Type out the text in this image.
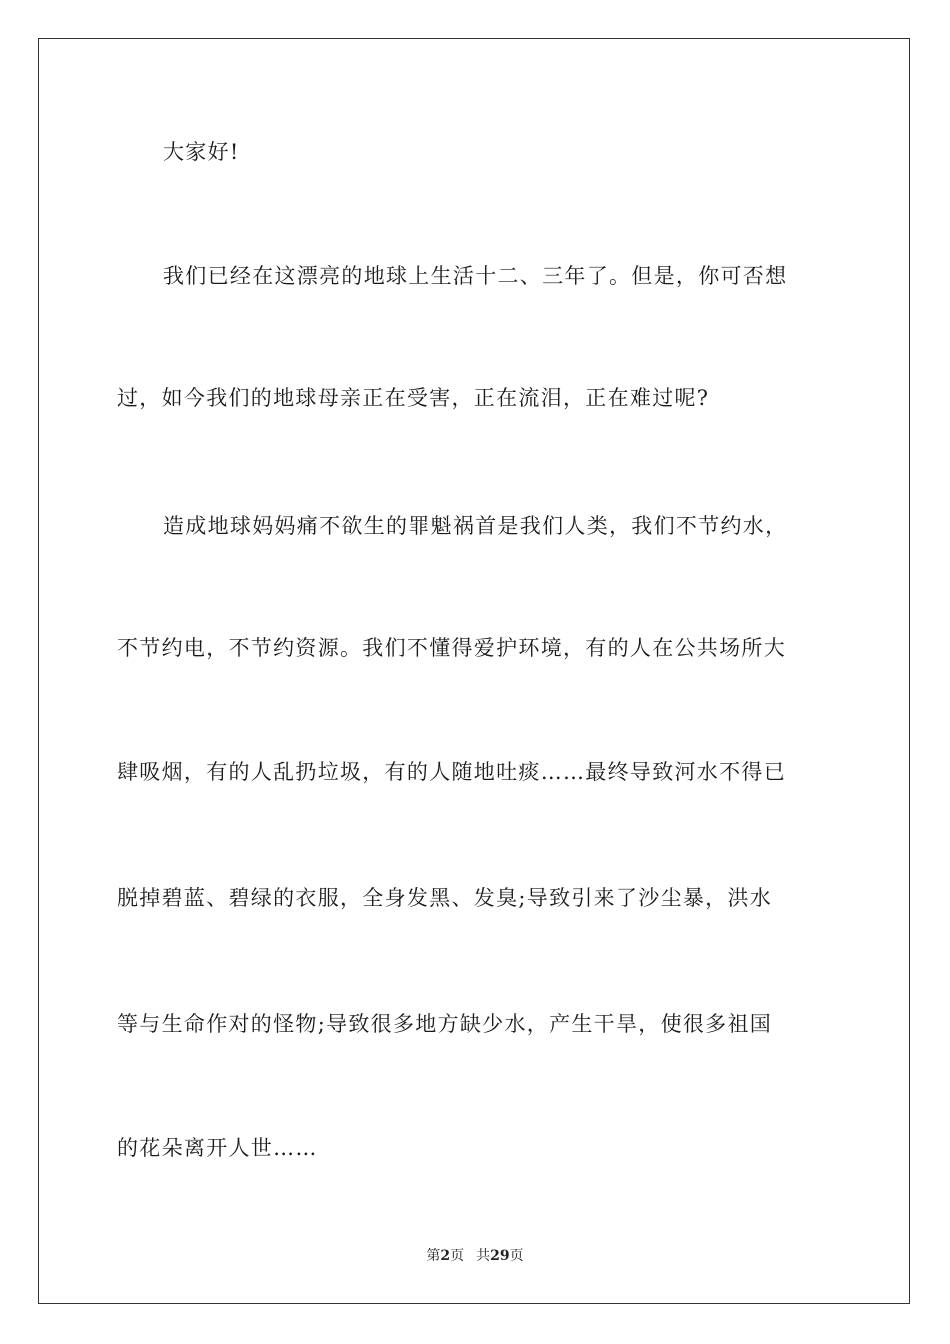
大家好!
我们已经在这漂亮的地球上生活十二、三年了。但是，你可否想
过，如今我们的地球母亲正在受害，正在流泪，正在难过呢?
造成地球妈妈痛不欲生的罪魁祸首是我们人类，我们不节约水，
不节约电，不节约资源。我们不懂得爱护环境，有的人在公共场所大
肆吸烟，有的人乱扔垃圾，有的人随地吐痰……最终导致河水不得已
脱掉碧蓝、碧绿的衣服，全身发黑、发臭;导致引来了沙尘暴，洪水
等与生命作对的怪物;导致很多地方缺少水，产生干旱，使很多祖国
的花朵离开人世……
第2页 共29页
